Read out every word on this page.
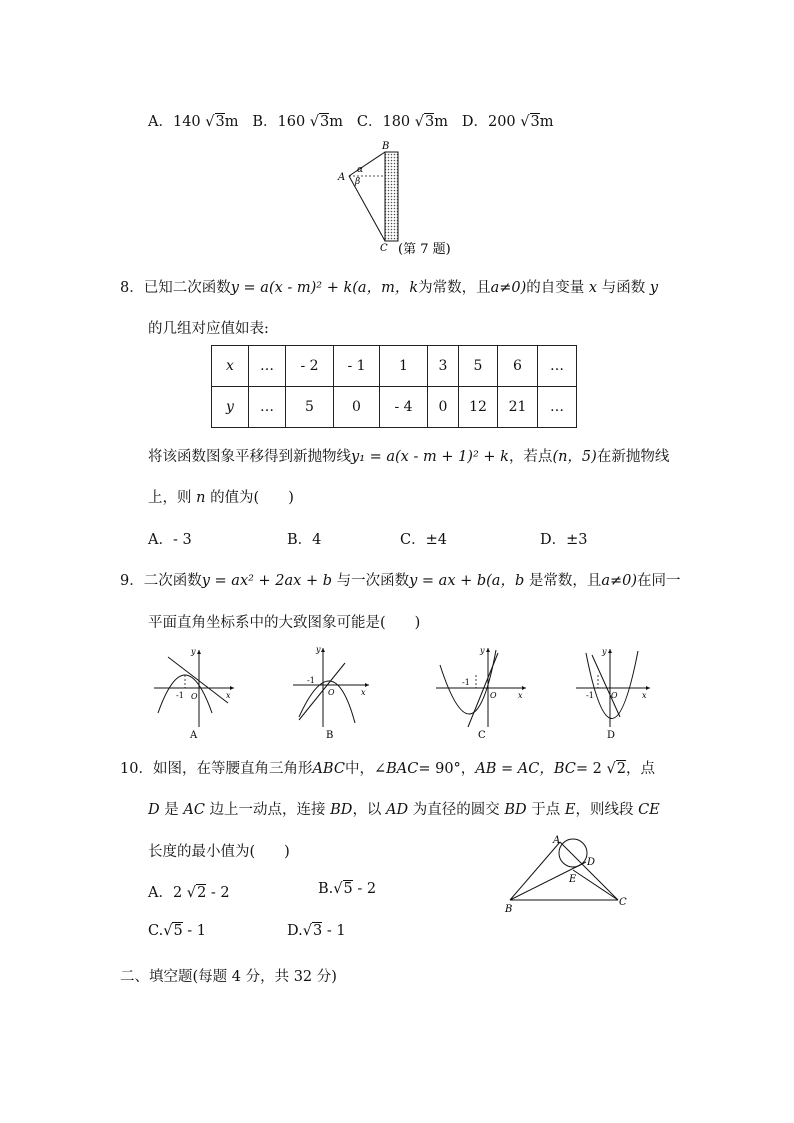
A．140 √3m B．160 √3m C．180 √3m D．200 √3m
B
A
C
α
β
(第 7 题)
8．已知二次函数y = a(x - m)² + k(a，m，k为常数，且a≠0)的自变量 x 与函数 y
的几组对应值如表:
x	…	- 2	- 1	1	3	5	6	…
y	…	5	0	- 4	0	12	21	…
将该函数图象平移得到新抛物线y₁ = a(x - m + 1)² + k，若点(n，5)在新抛物线
上，则 n 的值为(　　)
A．- 3	B．4	C．±4	D．±3
9．二次函数y = ax² + 2ax + b 与一次函数y = ax + b(a，b 是常数，且a≠0)在同一
平面直角坐标系中的大致图象可能是(　　)
y
x
O
-1
A
y
x
O
-1
B
y
x
O
-1
C
y
x
O
-1
D
10．如图，在等腰直角三角形ABC中，∠BAC= 90°，AB = AC，BC= 2 √2，点
D 是 AC 边上一动点，连接 BD，以 AD 为直径的圆交 BD 于点 E，则线段 CE
长度的最小值为(　　)
A．2 √2 - 2	B.√5 - 2
C.√5 - 1	D.√3 - 1
A
D
E
B
C
二、填空题(每题 4 分，共 32 分)
